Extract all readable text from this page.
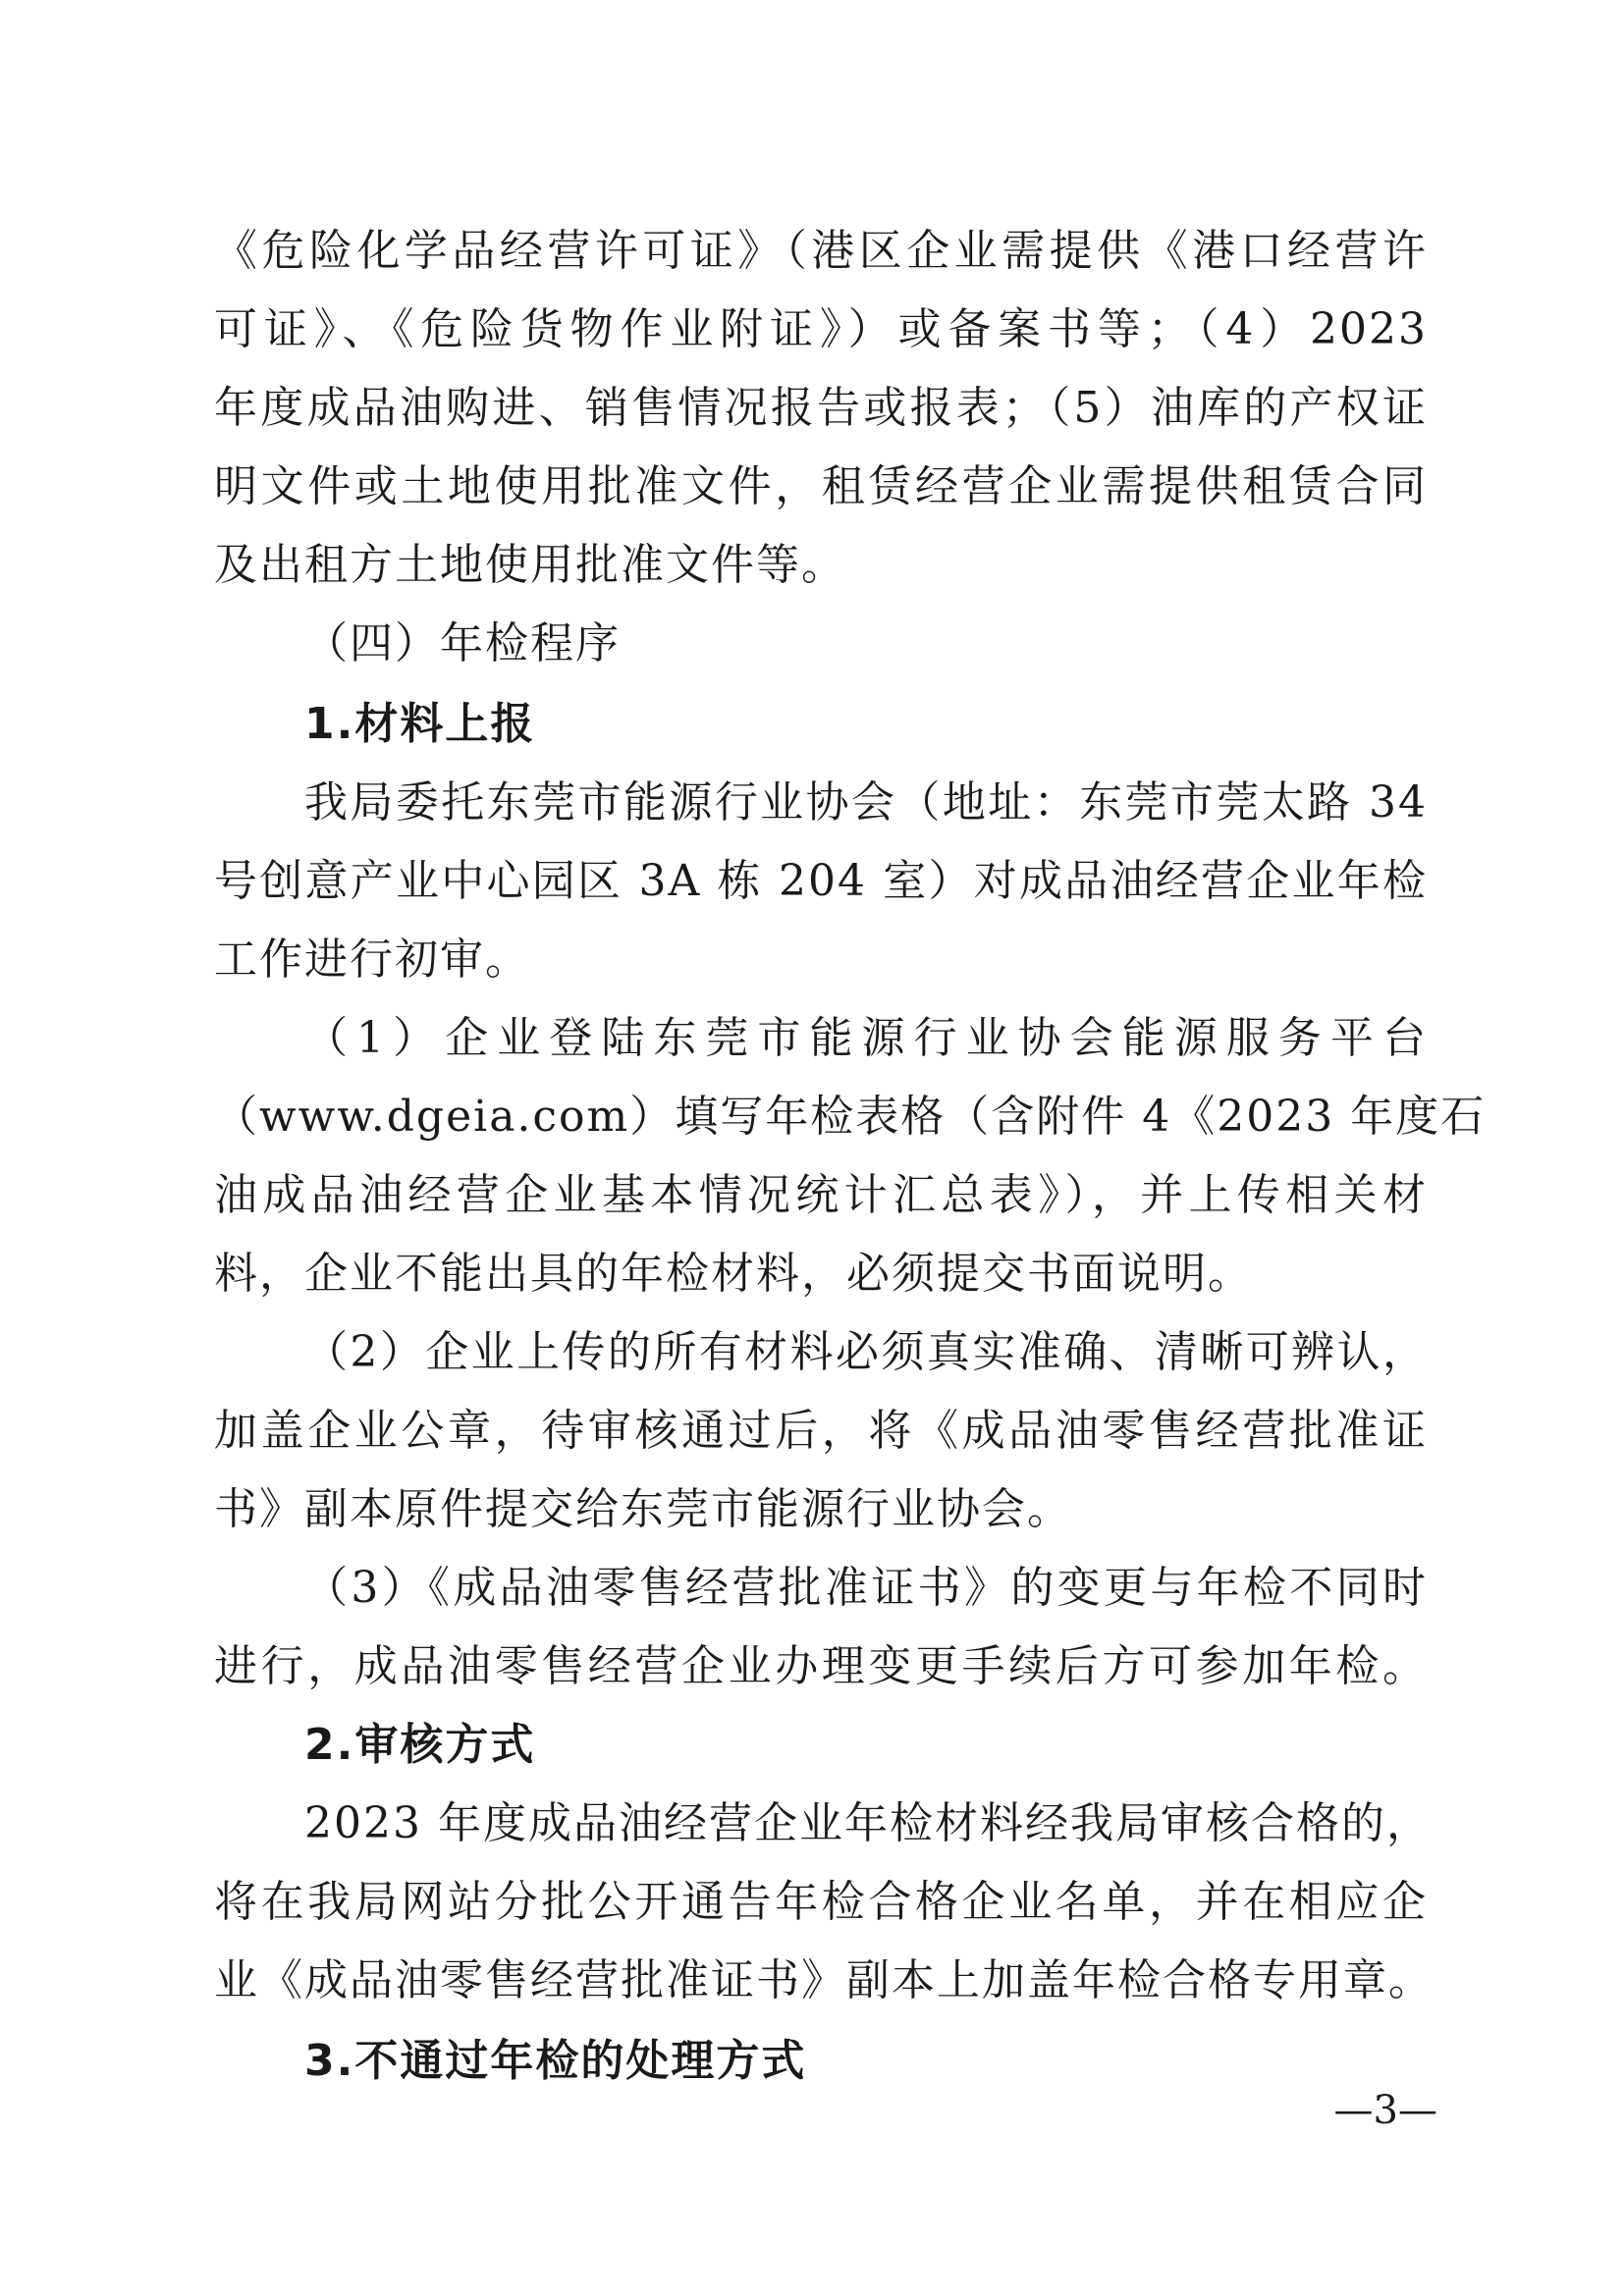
《危险化学品经营许可证》（港区企业需提供《港口经营许
可证》、《危险货物作业附证》）或备案书等；（4）2023
年度成品油购进、销售情况报告或报表；（5）油库的产权证
明文件或土地使用批准文件，租赁经营企业需提供租赁合同
及出租方土地使用批准文件等。
（四）年检程序
1.材料上报
我局委托东莞市能源行业协会（地址：东莞市莞太路 34
号创意产业中心园区 3A 栋 204 室）对成品油经营企业年检
工作进行初审。
（1）企业登陆东莞市能源行业协会能源服务平台
（www.dgeia.com）填写年检表格（含附件 4《2023 年度石
油成品油经营企业基本情况统计汇总表》），并上传相关材
料，企业不能出具的年检材料，必须提交书面说明。
（2）企业上传的所有材料必须真实准确、清晰可辨认，
加盖企业公章，待审核通过后，将《成品油零售经营批准证
书》副本原件提交给东莞市能源行业协会。
（3）《成品油零售经营批准证书》的变更与年检不同时
进行，成品油零售经营企业办理变更手续后方可参加年检。
2.审核方式
2023 年度成品油经营企业年检材料经我局审核合格的，
将在我局网站分批公开通告年检合格企业名单，并在相应企
业《成品油零售经营批准证书》副本上加盖年检合格专用章。
3.不通过年检的处理方式
—3—
